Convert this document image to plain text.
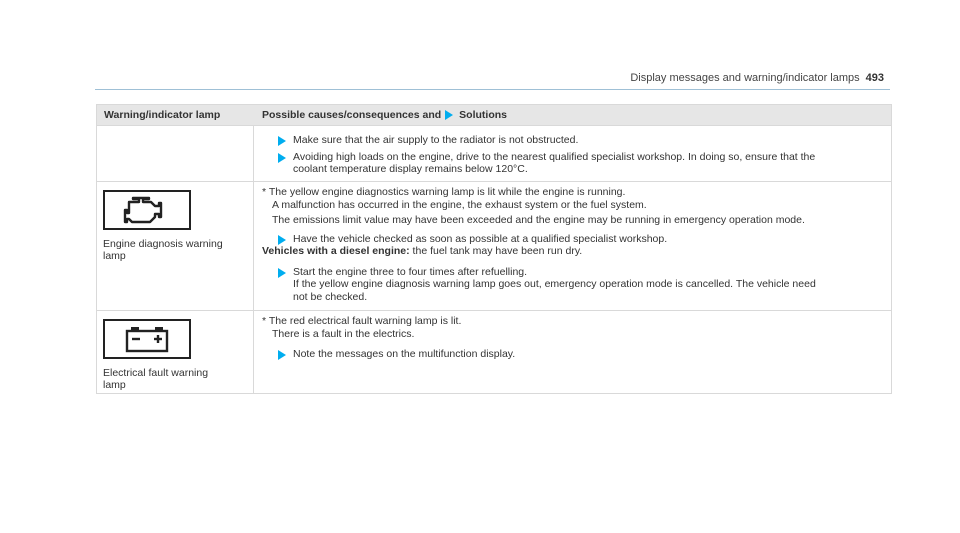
Display messages and warning/indicator lamps 493
Warning/indicator lamp	Possible causes/consequences and Solutions
Make sure that the air supply to the radiator is not obstructed.
Avoiding high loads on the engine, drive to the nearest qualified specialist workshop. In doing so, ensure that the
coolant temperature display remains below 120°C.
Engine diagnosis warning
lamp
* The yellow engine diagnostics warning lamp is lit while the engine is running.
A malfunction has occurred in the engine, the exhaust system or the fuel system.
The emissions limit value may have been exceeded and the engine may be running in emergency operation mode.
Have the vehicle checked as soon as possible at a qualified specialist workshop.
Vehicles with a diesel engine: the fuel tank may have been run dry.
Start the engine three to four times after refuelling.
If the yellow engine diagnosis warning lamp goes out, emergency operation mode is cancelled. The vehicle need
not be checked.
Electrical fault warning
lamp
* The red electrical fault warning lamp is lit.
There is a fault in the electrics.
Note the messages on the multifunction display.
